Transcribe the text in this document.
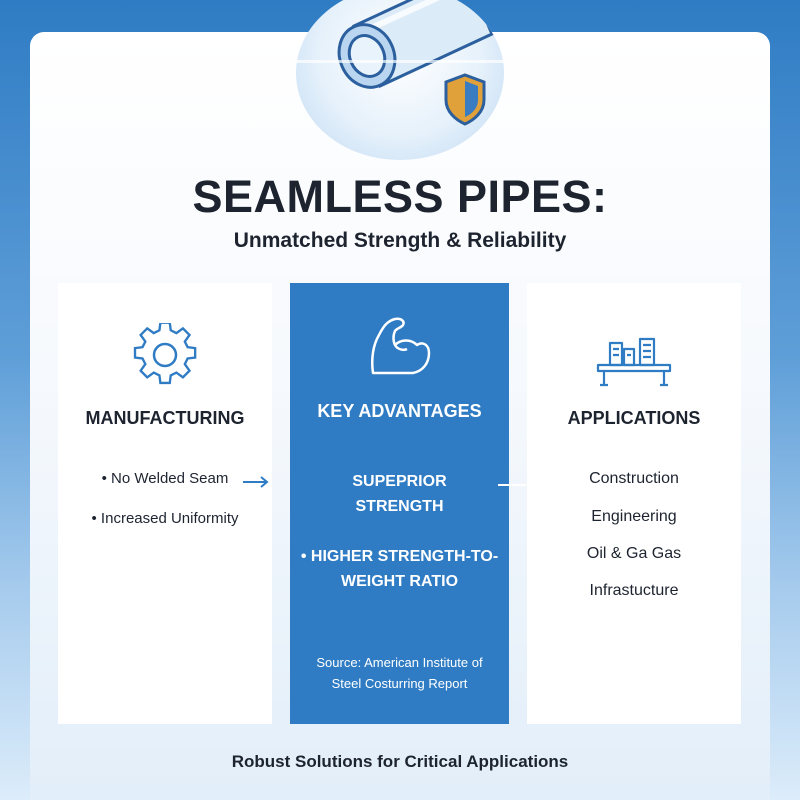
SEAMLESS PIPES:
Unmatched Strength & Reliability
MANUFACTURING
• No Welded Seam
• Increased Uniformity
KEY ADVANTAGES
SUPEPRIOR
STRENGTH
• HIGHER STRENGTH-TO-
WEIGHT RATIO
Source: American Institute of
Steel Costurring Report
APPLICATIONS
Construction
Engineering
Oil & Ga Gas
Infrastucture

Robust Solutions for Critical Applications
